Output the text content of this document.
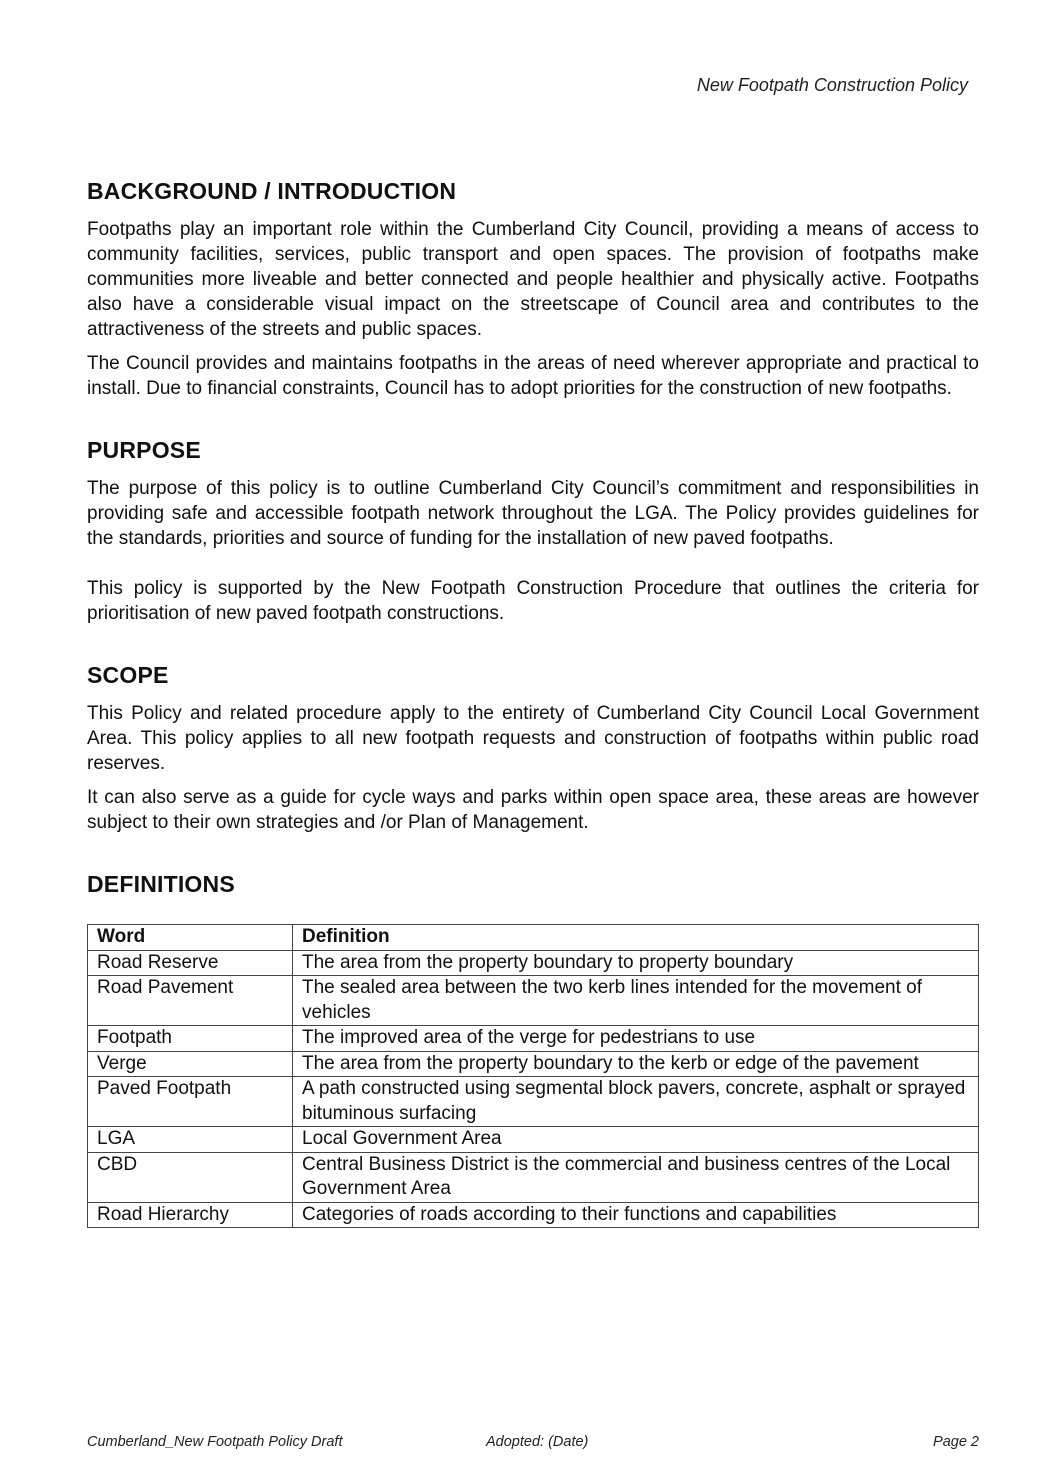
New Footpath Construction Policy
BACKGROUND / INTRODUCTION

Footpaths play an important role within the Cumberland City Council, providing a means of access to community facilities, services, public transport and open spaces. The provision of footpaths make communities more liveable and better connected and people healthier and physically active. Footpaths also have a considerable visual impact on the streetscape of Council area and contributes to the attractiveness of the streets and public spaces.

The Council provides and maintains footpaths in the areas of need wherever appropriate and practical to install. Due to financial constraints, Council has to adopt priorities for the construction of new footpaths.

PURPOSE

The purpose of this policy is to outline Cumberland City Council’s commitment and responsibilities in providing safe and accessible footpath network throughout the LGA. The Policy provides guidelines for the standards, priorities and source of funding for the installation of new paved footpaths.

This policy is supported by the New Footpath Construction Procedure that outlines the criteria for prioritisation of new paved footpath constructions.

SCOPE

This Policy and related procedure apply to the entirety of Cumberland City Council Local Government Area. This policy applies to all new footpath requests and construction of footpaths within public road reserves.

It can also serve as a guide for cycle ways and parks within open space area, these areas are however subject to their own strategies and /or Plan of Management.

DEFINITIONS
Word	Definition
Road Reserve	The area from the property boundary to property boundary
Road Pavement	The sealed area between the two kerb lines intended for the movement of vehicles
Footpath	The improved area of the verge for pedestrians to use
Verge	The area from the property boundary to the kerb or edge of the pavement
Paved Footpath	A path constructed using segmental block pavers, concrete, asphalt or sprayed bituminous surfacing
LGA	Local Government Area
CBD	Central Business District is the commercial and business centres of the Local Government Area
Road Hierarchy	Categories of roads according to their functions and capabilities
Cumberland_New Footpath Policy Draft	Adopted: (Date)	Page 2
